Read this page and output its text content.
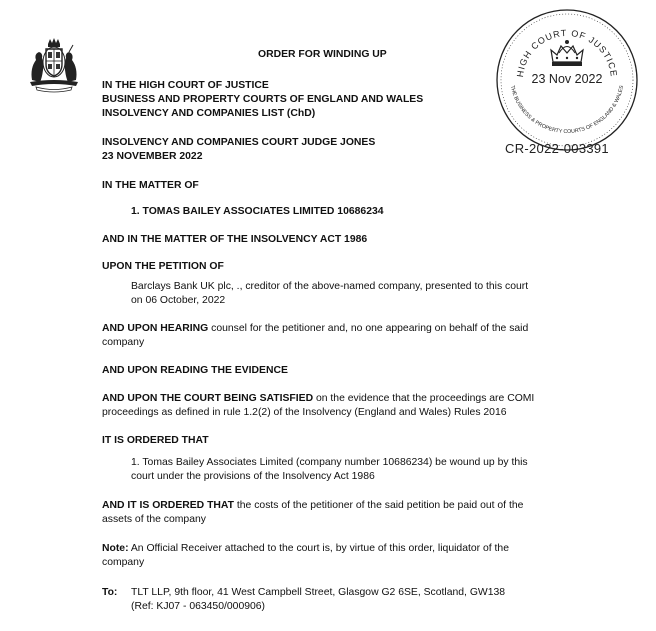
HIGH COURT OF JUSTICE
THE BUSINESS & PROPERTY COURTS OF ENGLAND & WALES
23 Nov 2022
CR-2022-003391
ORDER FOR WINDING UP
IN THE HIGH COURT OF JUSTICE
BUSINESS AND PROPERTY COURTS OF ENGLAND AND WALES
INSOLVENCY AND COMPANIES LIST (ChD)
INSOLVENCY AND COMPANIES COURT JUDGE JONES
23 NOVEMBER 2022
IN THE MATTER OF
1. TOMAS BAILEY ASSOCIATES LIMITED 10686234
AND IN THE MATTER OF THE INSOLVENCY ACT 1986
UPON THE PETITION OF
Barclays Bank UK plc, ., creditor of the above-named company, presented to this court
on 06 October, 2022
AND UPON HEARING counsel for the petitioner and, no one appearing on behalf of the said
company
AND UPON READING THE EVIDENCE
AND UPON THE COURT BEING SATISFIED on the evidence that the proceedings are COMI
proceedings as defined in rule 1.2(2) of the Insolvency (England and Wales) Rules 2016
IT IS ORDERED THAT
1. Tomas Bailey Associates Limited (company number 10686234) be wound up by this
court under the provisions of the Insolvency Act 1986
AND IT IS ORDERED THAT the costs of the petitioner of the said petition be paid out of the
assets of the company
Note: An Official Receiver attached to the court is, by virtue of this order, liquidator of the
company
To: TLT LLP, 9th floor, 41 West Campbell Street, Glasgow G2 6SE, Scotland, GW138
(Ref: KJ07 - 063450/000906)
